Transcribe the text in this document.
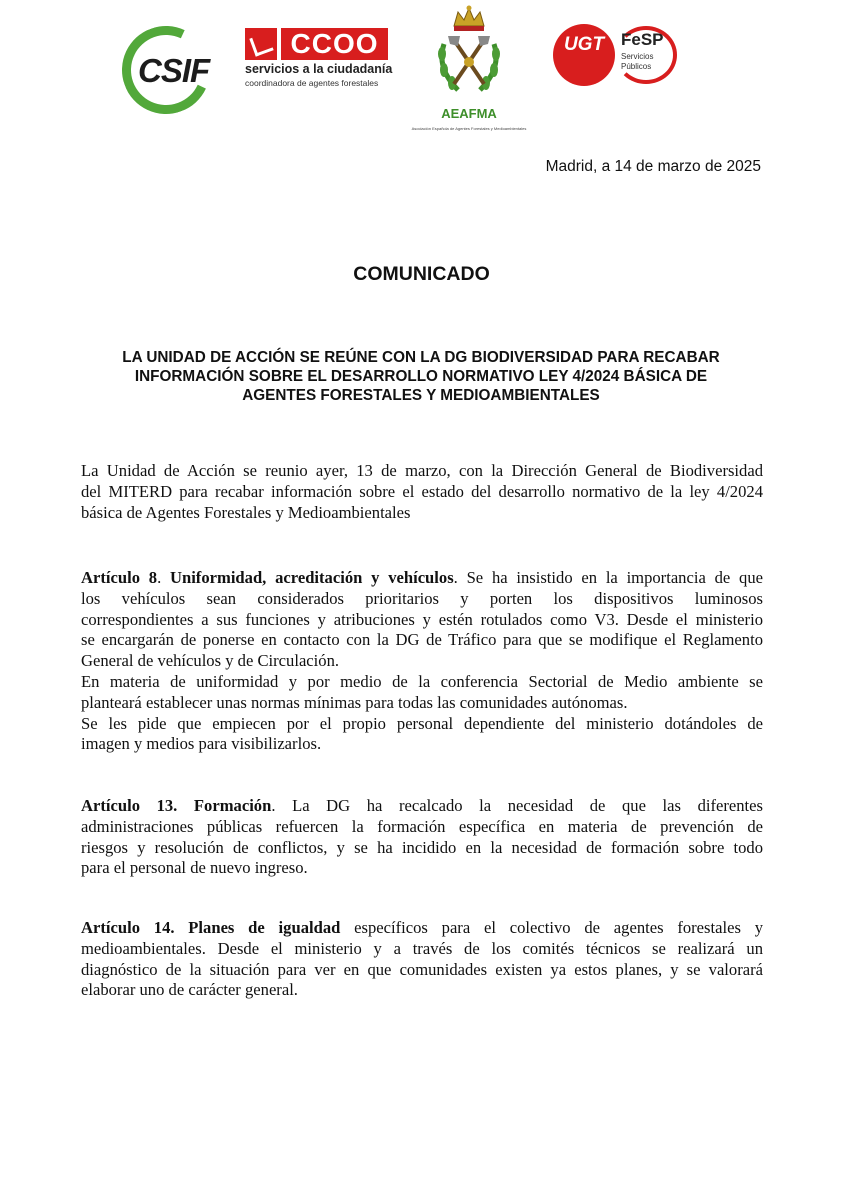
CSIF
CCOO
servicios a la ciudadanía
coordinadora de agentes forestales
AEAFMA
Asociación Española de Agentes Forestales y Medioambientales
UGT FeSP
Servicios
Públicos
Madrid, a 14 de marzo de 2025
COMUNICADO
LA UNIDAD DE ACCIÓN SE REÚNE CON LA DG BIODIVERSIDAD PARA RECABAR
INFORMACIÓN SOBRE EL DESARROLLO NORMATIVO LEY 4/2024 BÁSICA DE
AGENTES FORESTALES Y MEDIOAMBIENTALES
La Unidad de Acción se reunio ayer, 13 de marzo, con la Dirección General de Biodiversidad
del MITERD para recabar información sobre el estado del desarrollo normativo de la ley 4/2024
básica de Agentes Forestales y Medioambientales
Artículo 8. Uniformidad, acreditación y vehículos. Se ha insistido en la importancia de que
los vehículos sean considerados prioritarios y porten los dispositivos luminosos
correspondientes a sus funciones y atribuciones y estén rotulados como V3. Desde el ministerio
se encargarán de ponerse en contacto con la DG de Tráfico para que se modifique el Reglamento
General de vehículos y de Circulación.
En materia de uniformidad y por medio de la conferencia Sectorial de Medio ambiente se
planteará establecer unas normas mínimas para todas las comunidades autónomas.
Se les pide que empiecen por el propio personal dependiente del ministerio dotándoles de
imagen y medios para visibilizarlos.
Artículo 13. Formación. La DG ha recalcado la necesidad de que las diferentes
administraciones públicas refuercen la formación específica en materia de prevención de
riesgos y resolución de conflictos, y se ha incidido en la necesidad de formación sobre todo
para el personal de nuevo ingreso.
Artículo 14. Planes de igualdad específicos para el colectivo de agentes forestales y
medioambientales. Desde el ministerio y a través de los comités técnicos se realizará un
diagnóstico de la situación para ver en que comunidades existen ya estos planes, y se valorará
elaborar uno de carácter general.
